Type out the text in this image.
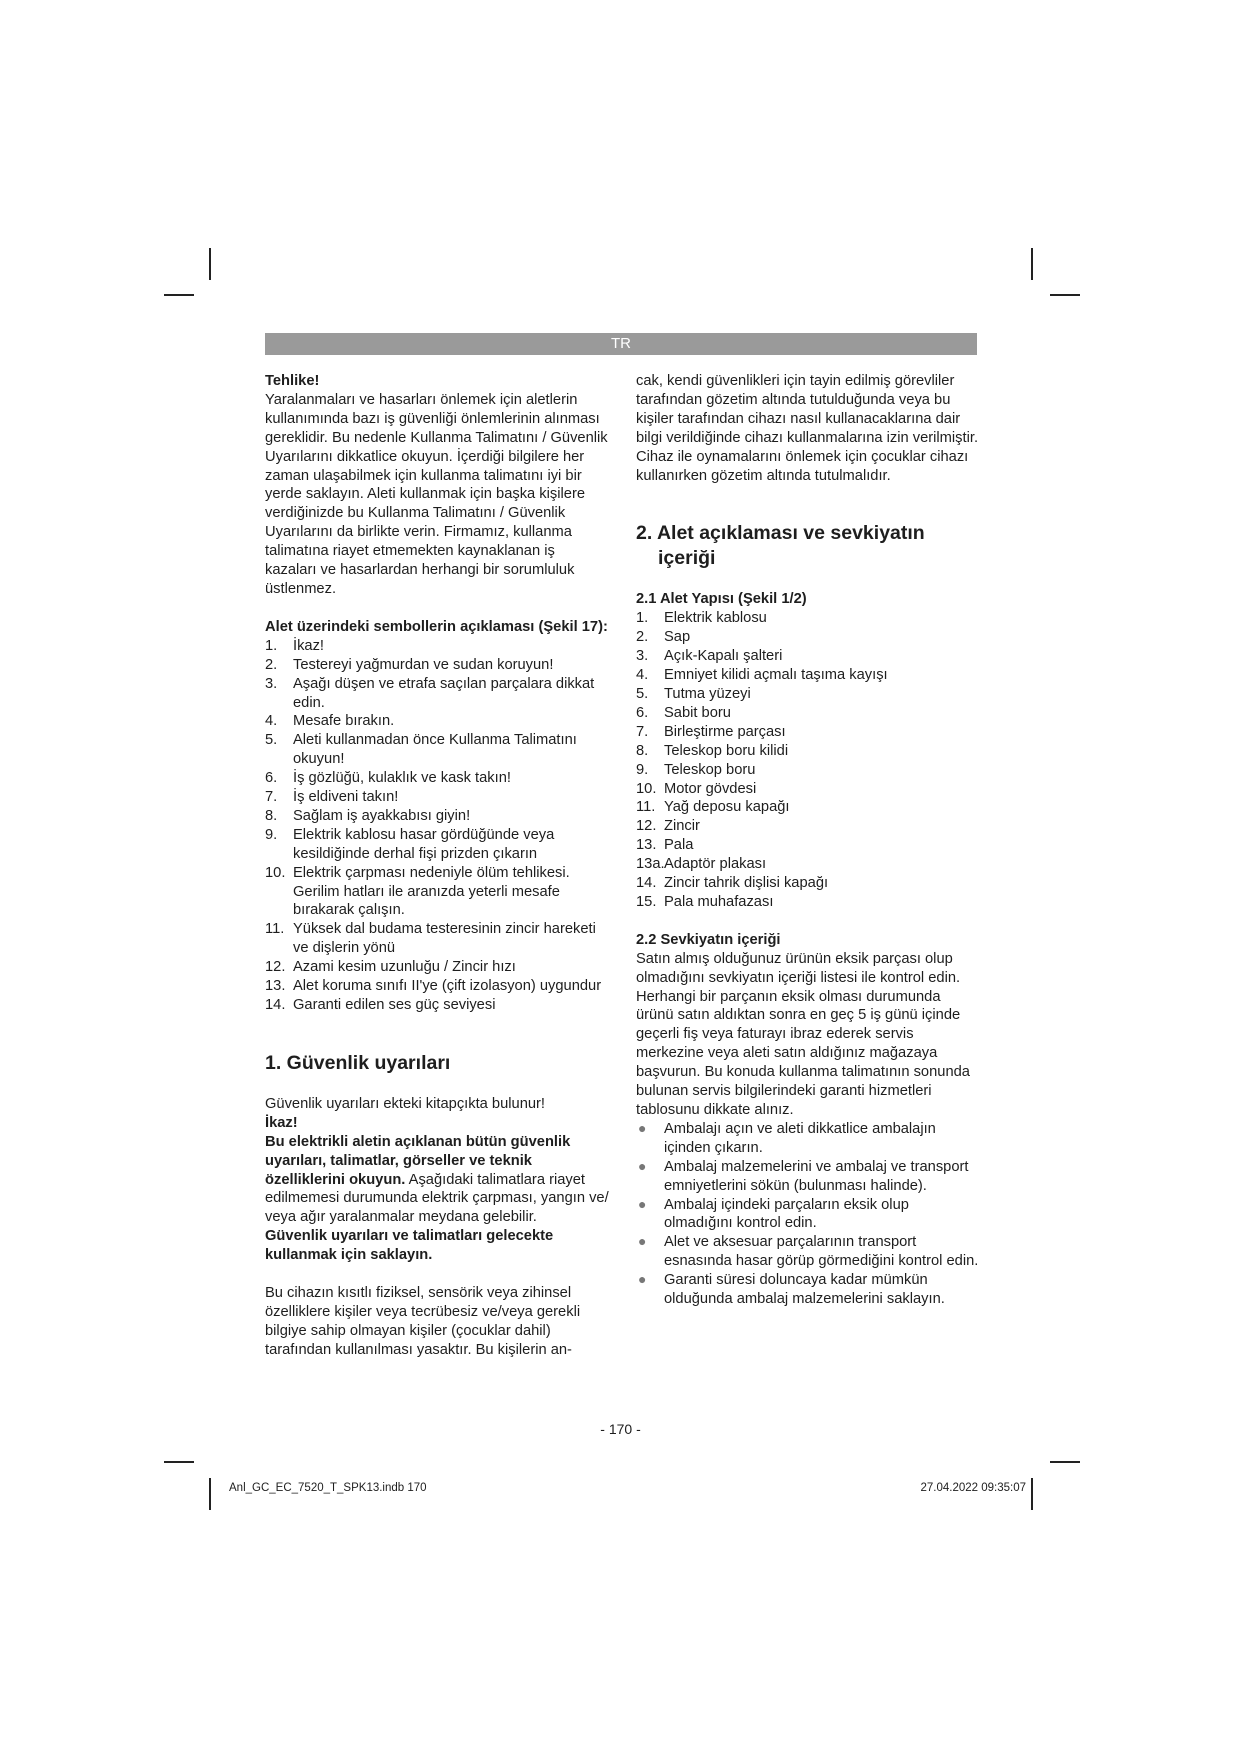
TR

Tehlike!

Yaralanmaları ve hasarları önlemek için aletlerin kullanımında bazı iş güvenliği önlemlerinin alınması gereklidir. Bu nedenle Kullanma Talimatını / Güvenlik Uyarılarını dikkatlice okuyun. İçerdiği bilgilere her zaman ulaşabilmek için kullanma talimatını iyi bir yerde saklayın. Aleti kullanmak için başka kişilere verdiğinizde bu Kullanma Talimatını / Güvenlik Uyarılarını da birlikte verin. Firmamız, kullanma talimatına riayet etmemekten kaynaklanan iş kazaları ve hasarlardan herhangi bir sorumluluk üstlenmez.

Alet üzerindeki sembollerin açıklaması (Şekil 17):

1. İkaz!
2. Testereyi yağmurdan ve sudan koruyun!
3. Aşağı düşen ve etrafa saçılan parçalara dikkat edin.
4. Mesafe bırakın.
5. Aleti kullanmadan önce Kullanma Talimatını okuyun!
6. İş gözlüğü, kulaklık ve kask takın!
7. İş eldiveni takın!
8. Sağlam iş ayakkabısı giyin!
9. Elektrik kablosu hasar gördüğünde veya kesildiğinde derhal fişi prizden çıkarın
10. Elektrik çarpması nedeniyle ölüm tehlikesi. Gerilim hatları ile aranızda yeterli mesafe bırakarak çalışın.
11. Yüksek dal budama testeresinin zincir hareketi ve dişlerin yönü
12. Azami kesim uzunluğu / Zincir hızı
13. Alet koruma sınıfı II'ye (çift izolasyon) uygundur
14. Garanti edilen ses güç seviyesi
1. Güvenlik uyarıları

Güvenlik uyarıları ekteki kitapçıkta bulunur!

İkaz!

Bu elektrikli aletin açıklanan bütün güvenlik uyarıları, talimatlar, görseller ve teknik özelliklerini okuyun. Aşağıdaki talimatlara riayet edilmemesi durumunda elektrik çarpması, yangın ve/ veya ağır yaralanmalar meydana gelebilir.

Güvenlik uyarıları ve talimatları gelecekte kullanmak için saklayın.

Bu cihazın kısıtlı fiziksel, sensörik veya zihinsel özelliklere kişiler veya tecrübesiz ve/veya gerekli bilgiye sahip olmayan kişiler (çocuklar dahil) tarafından kullanılması yasaktır. Bu kişilerin an-

cak, kendi güvenlikleri için tayin edilmiş görevliler tarafından gözetim altında tutulduğunda veya bu kişiler tarafından cihazı nasıl kullanacaklarına dair bilgi verildiğinde cihazı kullanmalarına izin verilmiştir. Cihaz ile oynamalarını önlemek için çocuklar cihazı kullanırken gözetim altında tutulmalıdır.

2. Alet açıklaması ve sevkiyatın
içeriği

2.1 Alet Yapısı (Şekil 1/2)

1. Elektrik kablosu
2. Sap
3. Açık-Kapalı şalteri
4. Emniyet kilidi açmalı taşıma kayışı
5. Tutma yüzeyi
6. Sabit boru
7. Birleştirme parçası
8. Teleskop boru kilidi
9. Teleskop boru
10. Motor gövdesi
11. Yağ deposu kapağı
12. Zincir
13. Pala
13a. Adaptör plakası
14. Zincir tahrik dişlisi kapağı
15. Pala muhafazası

2.2 Sevkiyatın içeriği

Satın almış olduğunuz ürünün eksik parçası olup olmadığını sevkiyatın içeriği listesi ile kontrol edin. Herhangi bir parçanın eksik olması durumunda ürünü satın aldıktan sonra en geç 5 iş günü içinde geçerli fiş veya faturayı ibraz ederek servis merkezine veya aleti satın aldığınız mağazaya başvurun. Bu konuda kullanma talimatının sonunda bulunan servis bilgilerindeki garanti hizmetleri tablosunu dikkate alınız.

● Ambalajı açın ve aleti dikkatlice ambalajın içinden çıkarın.
● Ambalaj malzemelerini ve ambalaj ve transport emniyetlerini sökün (bulunması halinde).
● Ambalaj içindeki parçaların eksik olup olmadığını kontrol edin.
● Alet ve aksesuar parçalarının transport esnasında hasar görüp görmediğini kontrol edin.
● Garanti süresi doluncaya kadar mümkün olduğunda ambalaj malzemelerini saklayın.
- 170 -
Anl_GC_EC_7520_T_SPK13.indb 170	27.04.2022 09:35:07
